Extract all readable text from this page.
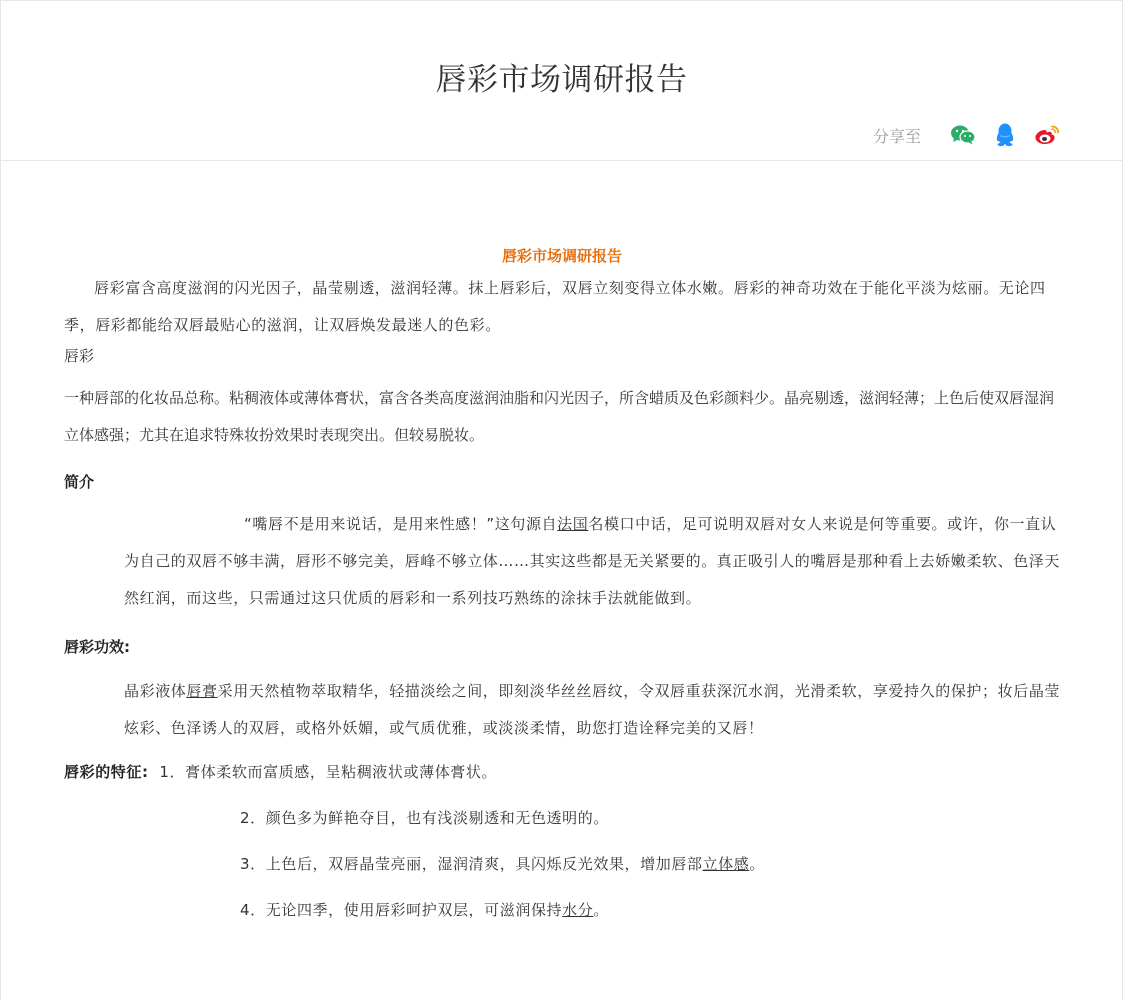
唇彩市场调研报告
分享至
唇彩市场调研报告

唇彩富含高度滋润的闪光因子，晶莹剔透，滋润轻薄。抹上唇彩后，双唇立刻变得立体水嫩。唇彩的神奇功效在于能化平淡为炫丽。无论四季，唇彩都能给双唇最贴心的滋润，让双唇焕发最迷人的色彩。

唇彩

一种唇部的化妆品总称。粘稠液体或薄体膏状，富含各类高度滋润油脂和闪光因子，所含蜡质及色彩颜料少。晶亮剔透，滋润轻薄；上色后使双唇湿润立体感强；尤其在追求特殊妆扮效果时表现突出。但较易脱妆。

简介

“嘴唇不是用来说话，是用来性感！”这句源自法国名模口中话，足可说明双唇对女人来说是何等重要。或许，你一直认为自己的双唇不够丰满，唇形不够完美，唇峰不够立体……其实这些都是无关紧要的。真正吸引人的嘴唇是那种看上去娇嫩柔软、色泽天然红润，而这些，只需通过这只优质的唇彩和一系列技巧熟练的涂抹手法就能做到。

唇彩功效:

晶彩液体唇膏采用天然植物萃取精华，轻描淡绘之间，即刻淡华丝丝唇纹，令双唇重获深沉水润，光滑柔软，享爱持久的保护；妆后晶莹炫彩、色泽诱人的双唇，或格外妖媚，或气质优雅，或淡淡柔情，助您打造诠释完美的又唇！

唇彩的特征: 1．膏体柔软而富质感，呈粘稠液状或薄体膏状。

2．颜色多为鲜艳夺目，也有浅淡剔透和无色透明的。

3．上色后，双唇晶莹亮丽，湿润清爽，具闪烁反光效果，增加唇部立体感。

4．无论四季，使用唇彩呵护双层，可滋润保持水分。
